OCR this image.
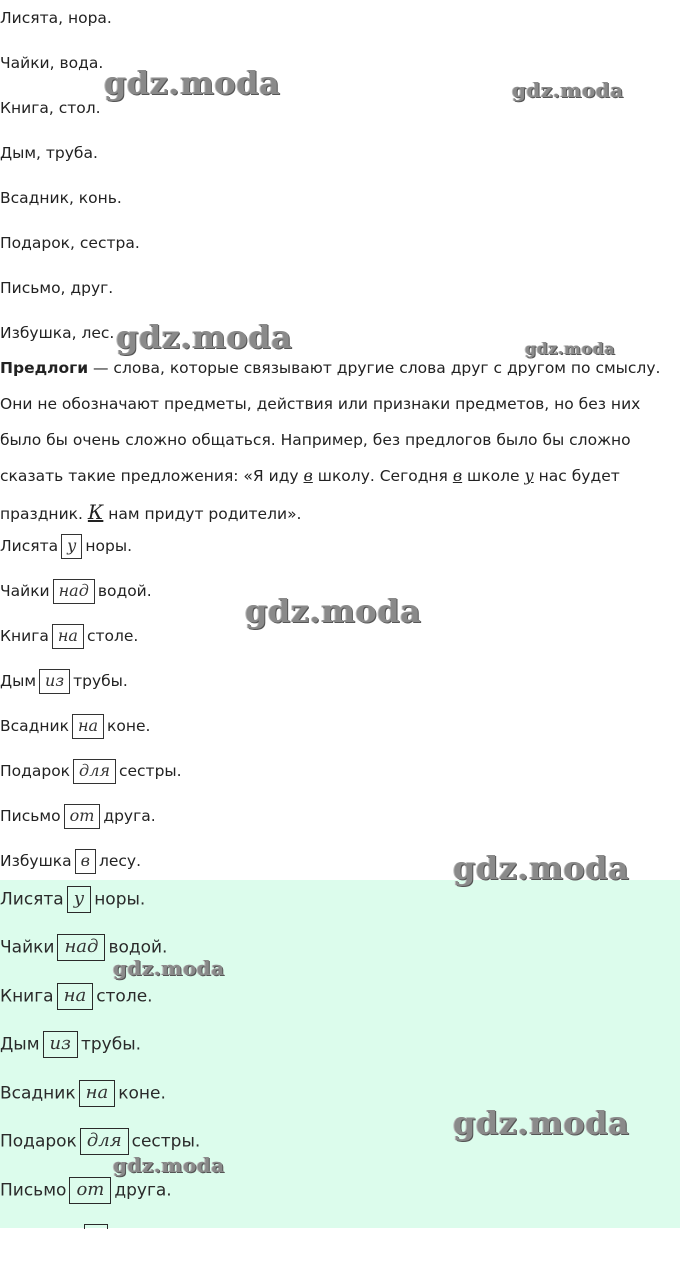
Лисята, нора.
Чайки, вода.
Книга, стол.
Дым, труба.
Всадник, конь.
Подарок, сестра.
Письмо, друг.
Избушка, лес.
Предлоги — слова, которые связывают другие слова друг с другом по смыслу. Они не обозначают предметы, действия или признаки предметов, но без них было бы очень сложно общаться. Например, без предлогов было бы сложно сказать такие предложения: «Я иду в школу. Сегодня в школе у нас будет праздник. К нам придут родители».
Лисята у норы.
Чайки над водой.
Книга на столе.
Дым из трубы.
Всадник на коне.
Подарок для сестры.
Письмо от друга.
Избушка в лесу.
Лисята у норы.
Чайки над водой.
Книга на столе.
Дым из трубы.
Всадник на коне.
Подарок для сестры.
Письмо от друга.
gdz.moda	gdz.moda
gdz.moda	gdz.moda
gdz.moda
gdz.moda
gdz.moda
gdz.moda
gdz.moda
